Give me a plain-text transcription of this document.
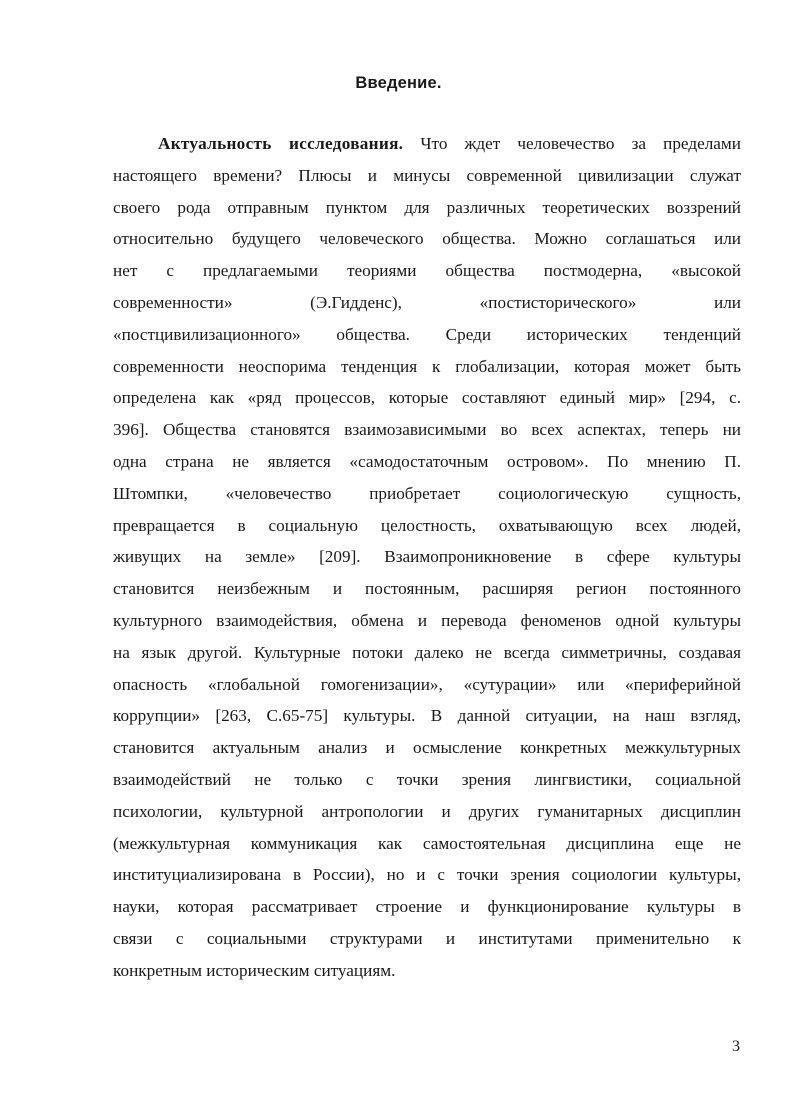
Введение.
Актуальность исследования. Что ждет человечество за пределами
настоящего времени? Плюсы и минусы современной цивилизации служат
своего рода отправным пунктом для различных теоретических воззрений
относительно будущего человеческого общества. Можно соглашаться или
нет с предлагаемыми теориями общества постмодерна, «высокой
современности» (Э.Гидденс), «постисторического» или
«постцивилизационного» общества. Среди исторических тенденций
современности неоспорима тенденция к глобализации, которая может быть
определена как «ряд процессов, которые составляют единый мир» [294, с.
396]. Общества становятся взаимозависимыми во всех аспектах, теперь ни
одна страна не является «самодостаточным островом». По мнению П.
Штомпки, «человечество приобретает социологическую сущность,
превращается в социальную целостность, охватывающую всех людей,
живущих на земле» [209]. Взаимопроникновение в сфере культуры
становится неизбежным и постоянным, расширяя регион постоянного
культурного взаимодействия, обмена и перевода феноменов одной культуры
на язык другой. Культурные потоки далеко не всегда симметричны, создавая
опасность «глобальной гомогенизации», «сутурации» или «периферийной
коррупции» [263, С.65-75] культуры. В данной ситуации, на наш взгляд,
становится актуальным анализ и осмысление конкретных межкультурных
взаимодействий не только с точки зрения лингвистики, социальной
психологии, культурной антропологии и других гуманитарных дисциплин
(межкультурная коммуникация как самостоятельная дисциплина еще не
институциализирована в России), но и с точки зрения социологии культуры,
науки, которая рассматривает строение и функционирование культуры в
связи с социальными структурами и институтами применительно к
конкретным историческим ситуациям.
3
